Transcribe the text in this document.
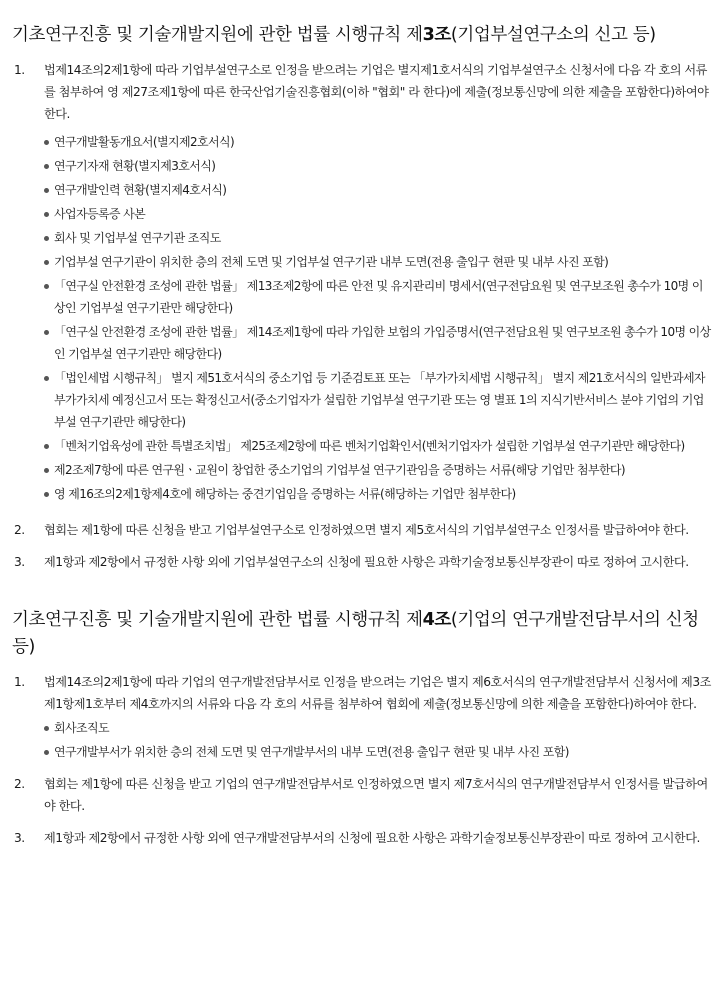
기초연구진흥 및 기술개발지원에 관한 법률 시행규칙 제3조(기업부설연구소의 신고 등)
1. 법제14조의2제1항에 따라 기업부설연구소로 인정을 받으려는 기업은 별지제1호서식의 기업부설연구소 신청서에 다음 각 호의 서류를 첨부하여 영 제27조제1항에 따른 한국산업기술진흥협회(이하 "협회" 라 한다)에 제출(정보통신망에 의한 제출을 포함한다)하여야 한다.
연구개발활동개요서(별지제2호서식)
연구기자재 현황(별지제3호서식)
연구개발인력 현황(별지제4호서식)
사업자등록증 사본
회사 및 기업부설 연구기관 조직도
기업부설 연구기관이 위치한 층의 전체 도면 및 기업부설 연구기관 내부 도면(전용 출입구 현판 및 내부 사진 포함)
「연구실 안전환경 조성에 관한 법률」 제13조제2항에 따른 안전 및 유지관리비 명세서(연구전담요원 및 연구보조원 총수가 10명 이상인 기업부설 연구기관만 해당한다)
「연구실 안전환경 조성에 관한 법률」 제14조제1항에 따라 가입한 보험의 가입증명서(연구전담요원 및 연구보조원 총수가 10명 이상인 기업부설 연구기관만 해당한다)
「법인세법 시행규칙」 별지 제51호서식의 중소기업 등 기준검토표 또는 「부가가치세법 시행규칙」 별지 제21호서식의 일반과세자 부가가치세 예정신고서 또는 확정신고서(중소기업자가 설립한 기업부설 연구기관 또는 영 별표 1의 지식기반서비스 분야 기업의 기업부설 연구기관만 해당한다)
「벤처기업육성에 관한 특별조치법」 제25조제2항에 따른 벤처기업확인서(벤처기업자가 설립한 기업부설 연구기관만 해당한다)
제2조제7항에 따른 연구원ㆍ교원이 창업한 중소기업의 기업부설 연구기관임을 증명하는 서류(해당 기업만 첨부한다)
영 제16조의2제1항제4호에 해당하는 중견기업임을 증명하는 서류(해당하는 기업만 첨부한다)
2. 협회는 제1항에 따른 신청을 받고 기업부설연구소로 인정하였으면 별지 제5호서식의 기업부설연구소 인정서를 발급하여야 한다.
3. 제1항과 제2항에서 규정한 사항 외에 기업부설연구소의 신청에 필요한 사항은 과학기술정보통신부장관이 따로 정하여 고시한다.
기초연구진흥 및 기술개발지원에 관한 법률 시행규칙 제4조(기업의 연구개발전담부서의 신청 등)
1. 법제14조의2제1항에 따라 기업의 연구개발전담부서로 인정을 받으려는 기업은 별지 제6호서식의 연구개발전담부서 신청서에 제3조제1항제1호부터 제4호까지의 서류와 다음 각 호의 서류를 첨부하여 협회에 제출(정보통신망에 의한 제출을 포함한다)하여야 한다.
회사조직도
연구개발부서가 위치한 층의 전체 도면 및 연구개발부서의 내부 도면(전용 출입구 현판 및 내부 사진 포함)
2. 협회는 제1항에 따른 신청을 받고 기업의 연구개발전담부서로 인정하였으면 별지 제7호서식의 연구개발전담부서 인정서를 발급하여야 한다.
3. 제1항과 제2항에서 규정한 사항 외에 연구개발전담부서의 신청에 필요한 사항은 과학기술정보통신부장관이 따로 정하여 고시한다.
